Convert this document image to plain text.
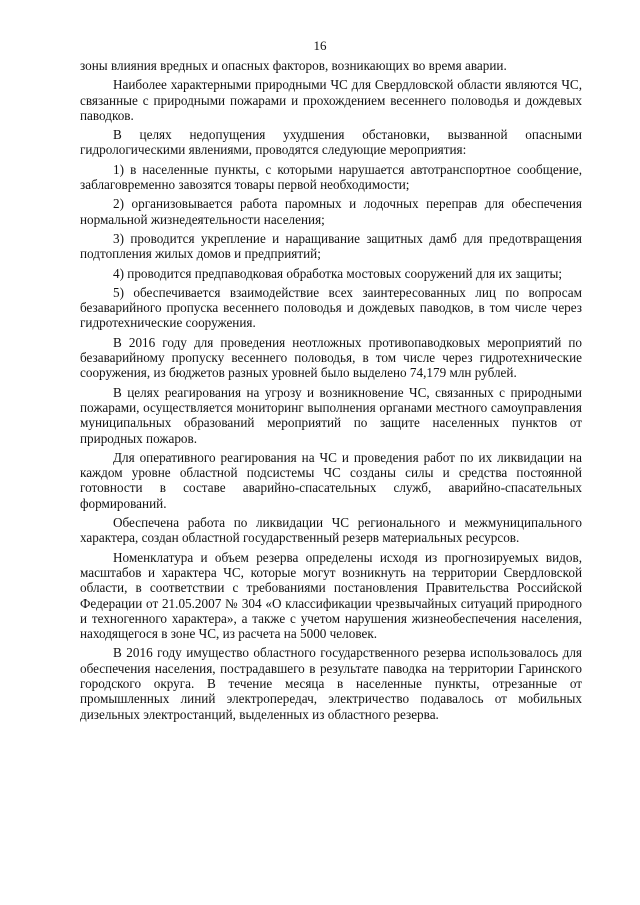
16

зоны влияния вредных и опасных факторов, возникающих во время аварии.

Наиболее характерными природными ЧС для Свердловской области являются ЧС, связанные с природными пожарами и прохождением весеннего половодья и дождевых паводков.

В целях недопущения ухудшения обстановки, вызванной опасными гидрологическими явлениями, проводятся следующие мероприятия:

1) в населенные пункты, с которыми нарушается автотранспортное сообщение, заблаговременно завозятся товары первой необходимости;

2) организовывается работа паромных и лодочных переправ для обеспечения нормальной жизнедеятельности населения;

3) проводится укрепление и наращивание защитных дамб для предотвращения подтопления жилых домов и предприятий;

4) проводится предпаводковая обработка мостовых сооружений для их защиты;

5) обеспечивается взаимодействие всех заинтересованных лиц по вопросам безаварийного пропуска весеннего половодья и дождевых паводков, в том числе через гидротехнические сооружения.

В 2016 году для проведения неотложных противопаводковых мероприятий по безаварийному пропуску весеннего половодья, в том числе через гидротехнические сооружения, из бюджетов разных уровней было выделено 74,179 млн рублей.

В целях реагирования на угрозу и возникновение ЧС, связанных с природными пожарами, осуществляется мониторинг выполнения органами местного самоуправления муниципальных образований мероприятий по защите населенных пунктов от природных пожаров.

Для оперативного реагирования на ЧС и проведения работ по их ликвидации на каждом уровне областной подсистемы ЧС созданы силы и средства постоянной готовности в составе аварийно-спасательных служб, аварийно-спасательных формирований.

Обеспечена работа по ликвидации ЧС регионального и межмуниципального характера, создан областной государственный резерв материальных ресурсов.

Номенклатура и объем резерва определены исходя из прогнозируемых видов, масштабов и характера ЧС, которые могут возникнуть на территории Свердловской области, в соответствии с требованиями постановления Правительства Российской Федерации от 21.05.2007 № 304 «О классификации чрезвычайных ситуаций природного и техногенного характера», а также с учетом нарушения жизнеобеспечения населения, находящегося в зоне ЧС, из расчета на 5000 человек.

В 2016 году имущество областного государственного резерва использовалось для обеспечения населения, пострадавшего в результате паводка на территории Гаринского городского округа. В течение месяца в населенные пункты, отрезанные от промышленных линий электропередач, электричество подавалось от мобильных дизельных электростанций, выделенных из областного резерва.
